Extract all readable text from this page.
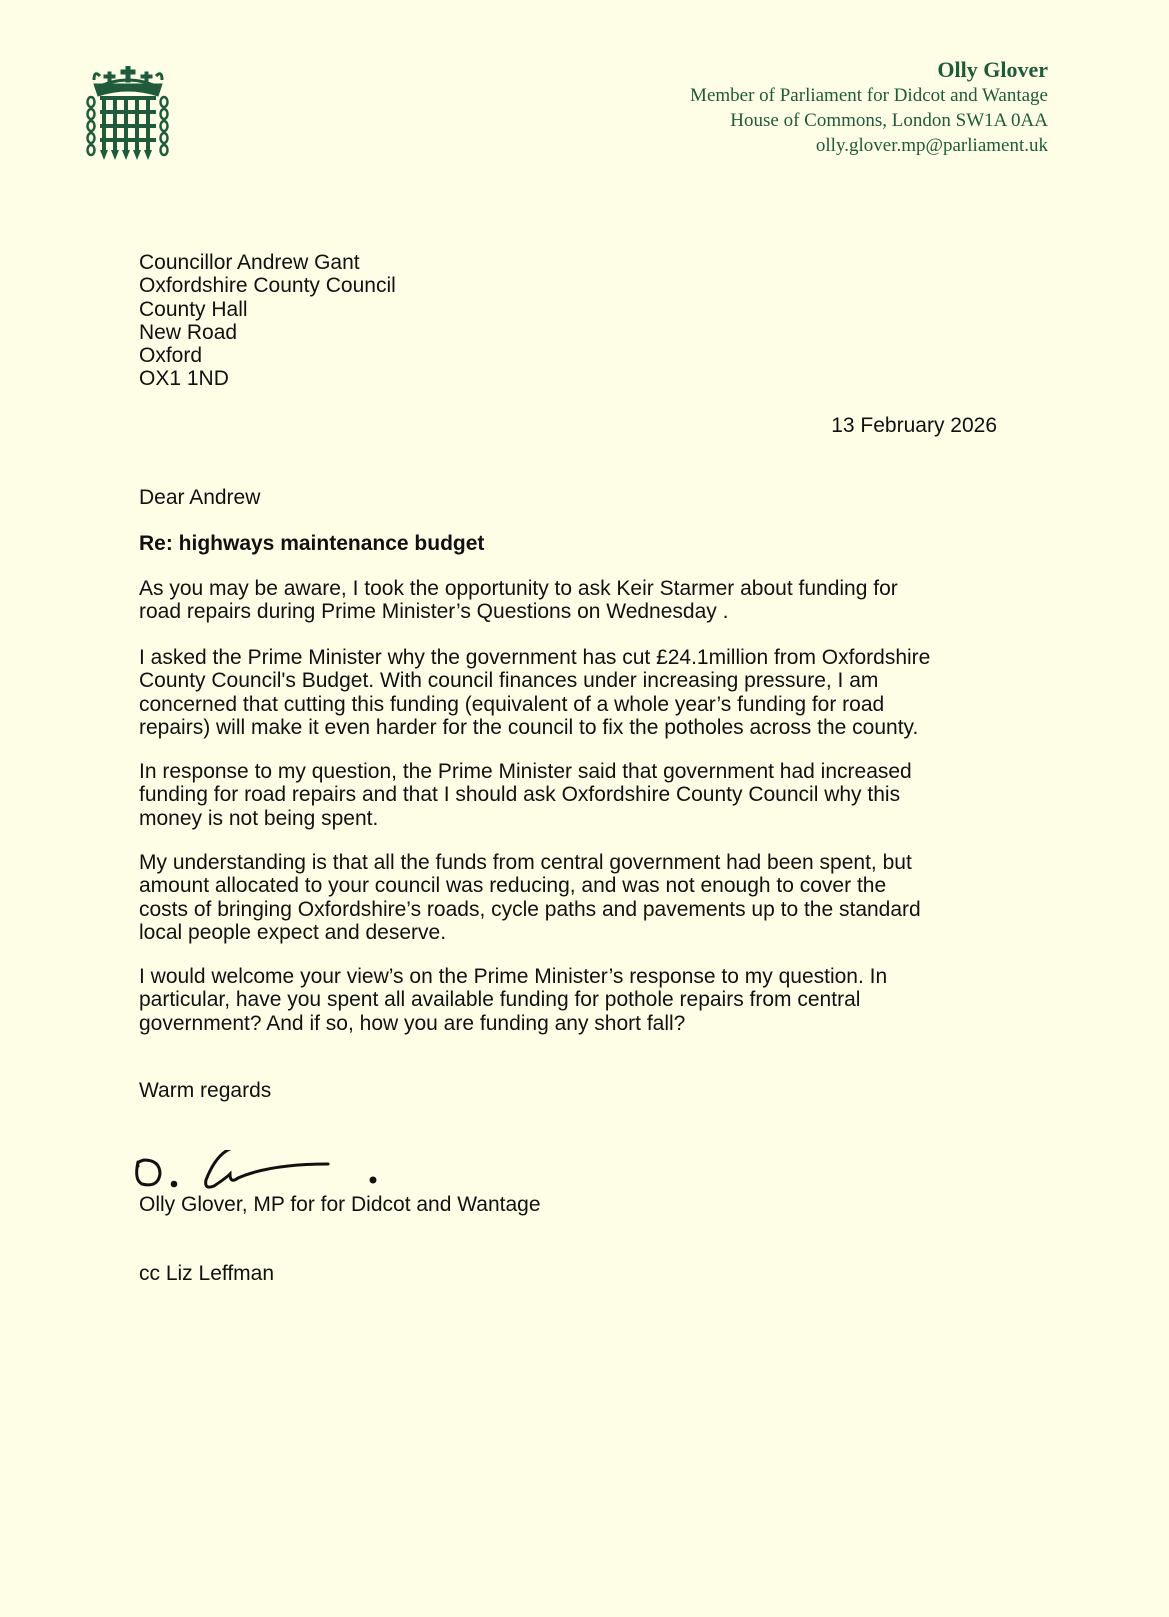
Olly Glover
Member of Parliament for Didcot and Wantage
House of Commons, London SW1A 0AA
olly.glover.mp@parliament.uk
Councillor Andrew Gant
Oxfordshire County Council
County Hall
New Road
Oxford
OX1 1ND
13 February 2026
Dear Andrew
Re: highways maintenance budget
As you may be aware, I took the opportunity to ask Keir Starmer about funding for
road repairs during Prime Minister’s Questions on Wednesday .
I asked the Prime Minister why the government has cut £24.1million from Oxfordshire
County Council's Budget. With council finances under increasing pressure, I am
concerned that cutting this funding (equivalent of a whole year’s funding for road
repairs) will make it even harder for the council to fix the potholes across the county.
In response to my question, the Prime Minister said that government had increased
funding for road repairs and that I should ask Oxfordshire County Council why this
money is not being spent.
My understanding is that all the funds from central government had been spent, but
amount allocated to your council was reducing, and was not enough to cover the
costs of bringing Oxfordshire’s roads, cycle paths and pavements up to the standard
local people expect and deserve.
I would welcome your view’s on the Prime Minister’s response to my question. In
particular, have you spent all available funding for pothole repairs from central
government? And if so, how you are funding any short fall?
Warm regards
Olly Glover, MP for for Didcot and Wantage
cc Liz Leffman
